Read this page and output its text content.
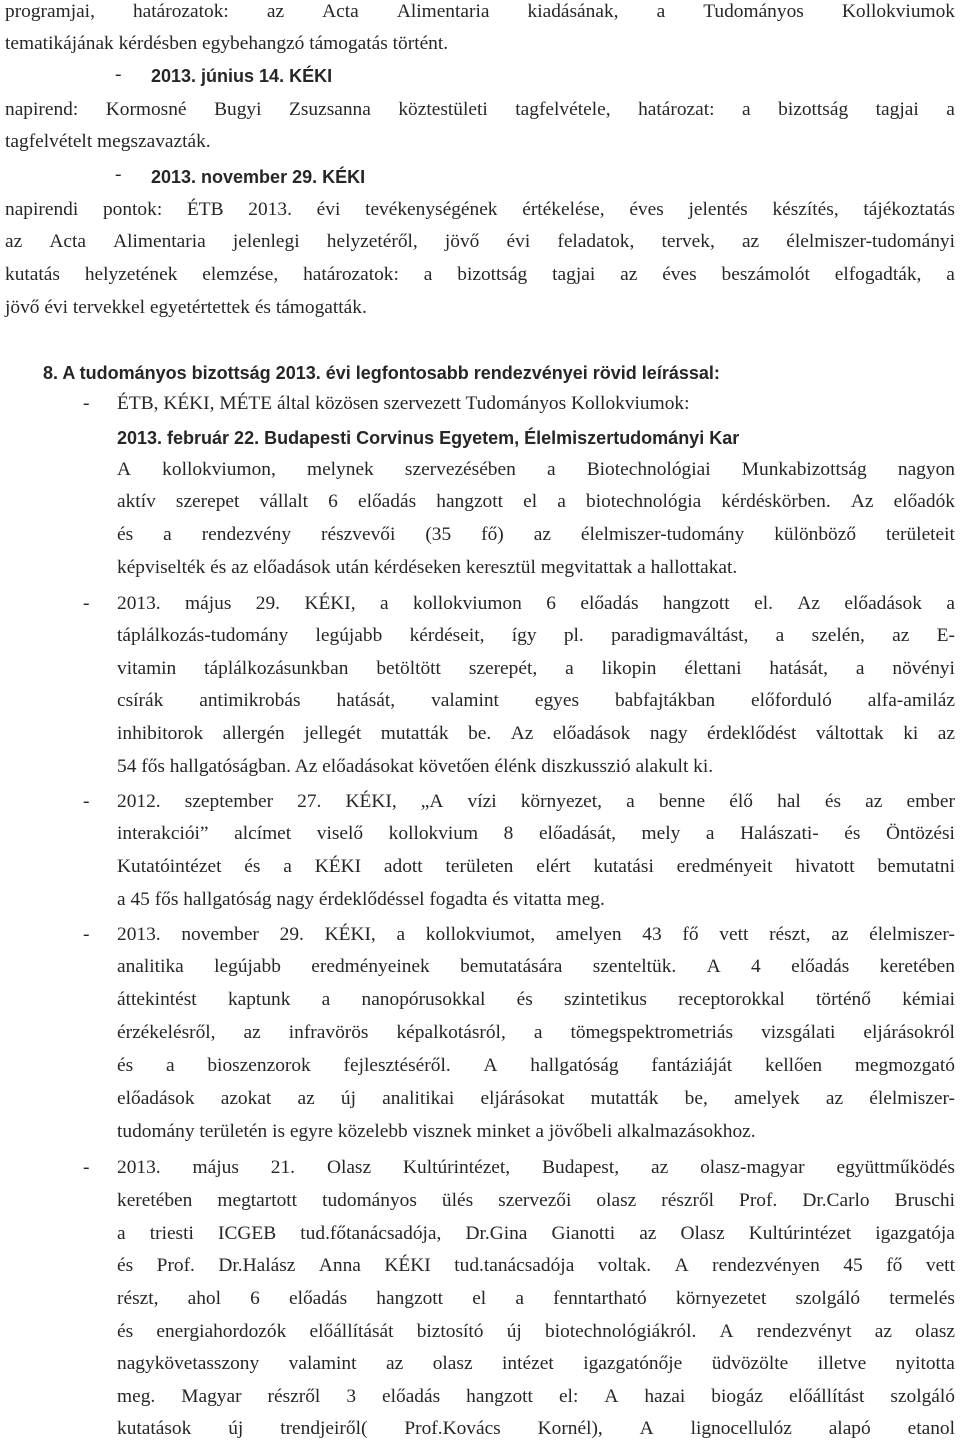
programjai, határozatok: az Acta Alimentaria kiadásának, a Tudományos Kollokviumok
tematikájának kérdésben egybehangzó támogatás történt.
- 2013. június 14. KÉKI
napirend: Kormosné Bugyi Zsuzsanna köztestületi tagfelvétele, határozat: a bizottság tagjai a
tagfelvételt megszavazták.
- 2013. november 29. KÉKI
napirendi pontok: ÉTB 2013. évi tevékenységének értékelése, éves jelentés készítés, tájékoztatás
az Acta Alimentaria jelenlegi helyzetéről, jövő évi feladatok, tervek, az élelmiszer-tudományi
kutatás helyzetének elemzése, határozatok: a bizottság tagjai az éves beszámolót elfogadták, a
jövő évi tervekkel egyetértettek és támogatták.
8. A tudományos bizottság 2013. évi legfontosabb rendezvényei rövid leírással:
- ÉTB, KÉKI, MÉTE által közösen szervezett Tudományos Kollokviumok:
2013. február 22. Budapesti Corvinus Egyetem, Élelmiszertudományi Kar
A kollokviumon, melynek szervezésében a Biotechnológiai Munkabizottság nagyon
aktív szerepet vállalt 6 előadás hangzott el a biotechnológia kérdéskörben. Az előadók
és a rendezvény részvevői (35 fő) az élelmiszer-tudomány különböző területeit
képviselték és az előadások után kérdéseken keresztül megvitattak a hallottakat.
- 2013. május 29. KÉKI, a kollokviumon 6 előadás hangzott el. Az előadások a
táplálkozás-tudomány legújabb kérdéseit, így pl. paradigmaváltást, a szelén, az E-
vitamin táplálkozásunkban betöltött szerepét, a likopin élettani hatását, a növényi
csírák antimikrobás hatását, valamint egyes babfajtákban előforduló alfa-amiláz
inhibitorok allergén jellegét mutatták be. Az előadások nagy érdeklődést váltottak ki az
54 fős hallgatóságban. Az előadásokat követően élénk diszkusszió alakult ki.
- 2012. szeptember 27. KÉKI, „A vízi környezet, a benne élő hal és az ember
interakciói” alcímet viselő kollokvium 8 előadását, mely a Halászati- és Öntözési
Kutatóintézet és a KÉKI adott területen elért kutatási eredményeit hivatott bemutatni
a 45 fős hallgatóság nagy érdeklődéssel fogadta és vitatta meg.
- 2013. november 29. KÉKI, a kollokviumot, amelyen 43 fő vett részt, az élelmiszer-
analitika legújabb eredményeinek bemutatására szenteltük. A 4 előadás keretében
áttekintést kaptunk a nanopórusokkal és szintetikus receptorokkal történő kémiai
érzékelésről, az infravörös képalkotásról, a tömegspektrometriás vizsgálati eljárásokról
és a bioszenzorok fejlesztéséről. A hallgatóság fantáziáját kellően megmozgató
előadások azokat az új analitikai eljárásokat mutatták be, amelyek az élelmiszer-
tudomány területén is egyre közelebb visznek minket a jövőbeli alkalmazásokhoz.
- 2013. május 21. Olasz Kultúrintézet, Budapest, az olasz-magyar együttműködés
keretében megtartott tudományos ülés szervezői olasz részről Prof. Dr.Carlo Bruschi
a triesti ICGEB tud.főtanácsadója, Dr.Gina Gianotti az Olasz Kultúrintézet igazgatója
és Prof. Dr.Halász Anna KÉKI tud.tanácsadója voltak. A rendezvényen 45 fő vett
részt, ahol 6 előadás hangzott el a fenntartható környezetet szolgáló termelés
és energiahordozók előállítását biztosító új biotechnológiákról. A rendezvényt az olasz
nagykövetasszony valamint az olasz intézet igazgatónője üdvözölte illetve nyitotta
meg. Magyar részről 3 előadás hangzott el: A hazai biogáz előállítást szolgáló
kutatások új trendjeiről( Prof.Kovács Kornél), A lignocellulóz alapó etanol
